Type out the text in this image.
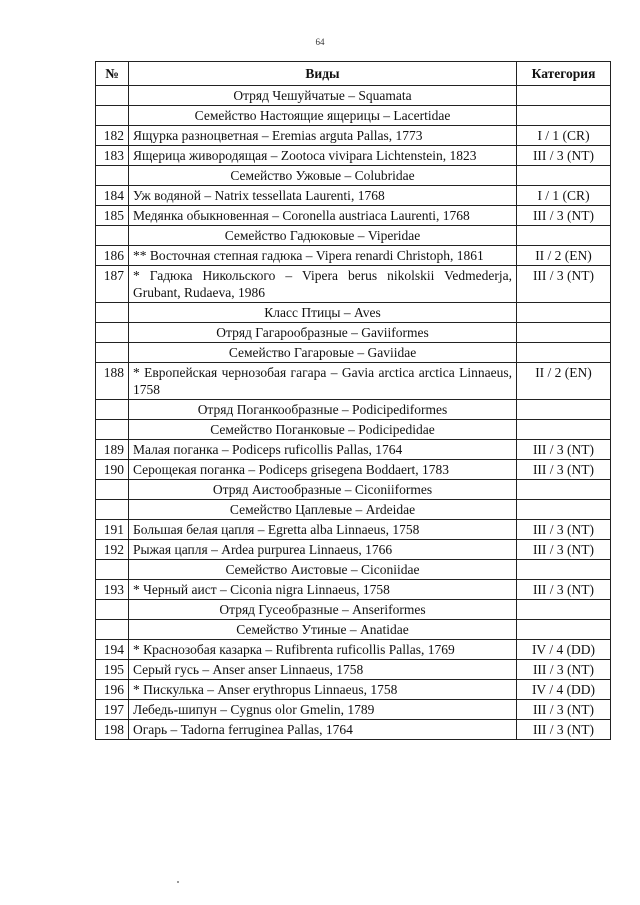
64
№	Виды	Категория
	Отряд Чешуйчатые – Squamata	
	Семейство Настоящие ящерицы – Lacertidae	
182	Ящурка разноцветная – Eremias arguta Pallas, 1773	I / 1 (CR)
183	Ящерица живородящая – Zootoca vivipara Lichtenstein, 1823	III / 3 (NT)
	Семейство Ужовые – Colubridae	
184	Уж водяной – Natrix tessellata Laurenti, 1768	I / 1 (CR)
185	Медянка обыкновенная – Coronella austriaca Laurenti, 1768	III / 3 (NT)
	Семейство Гадюковые – Viperidae	
186	** Восточная степная гадюка – Vipera renardi Christoph, 1861	II / 2 (EN)
187	* Гадюка Никольского – Vipera berus nikolskii Vedmederja, Grubant, Rudaeva, 1986	III / 3 (NT)
	Класс Птицы – Aves	
	Отряд Гагарообразные – Gaviiformes	
	Семейство Гагаровые – Gaviidae	
188	* Европейская чернозобая гагара – Gavia arctica arctica Linnaeus, 1758	II / 2 (EN)
	Отряд Поганкообразные – Podicipediformes	
	Семейство Поганковые – Podicipedidae	
189	Малая поганка – Podiceps ruficollis Pallas, 1764	III / 3 (NT)
190	Серощекая поганка – Podiceps grisegena Boddaert, 1783	III / 3 (NT)
	Отряд Аистообразные – Ciconiiformes	
	Семейство Цаплевые – Ardeidae	
191	Большая белая цапля – Egretta alba Linnaeus, 1758	III / 3 (NT)
192	Рыжая цапля – Ardea purpurea Linnaeus, 1766	III / 3 (NT)
	Семейство Аистовые – Ciconiidae	
193	* Черный аист – Ciconia nigra Linnaeus, 1758	III / 3 (NT)
	Отряд Гусеобразные – Anseriformes	
	Семейство Утиные – Anatidae	
194	* Краснозобая казарка – Rufibrenta ruficollis Pallas, 1769	IV / 4 (DD)
195	Серый гусь – Anser anser Linnaeus, 1758	III / 3 (NT)
196	* Пискулька – Anser erythropus Linnaeus, 1758	IV / 4 (DD)
197	Лебедь-шипун – Cygnus olor Gmelin, 1789	III / 3 (NT)
198	Огарь – Tadorna ferruginea Pallas, 1764	III / 3 (NT)
